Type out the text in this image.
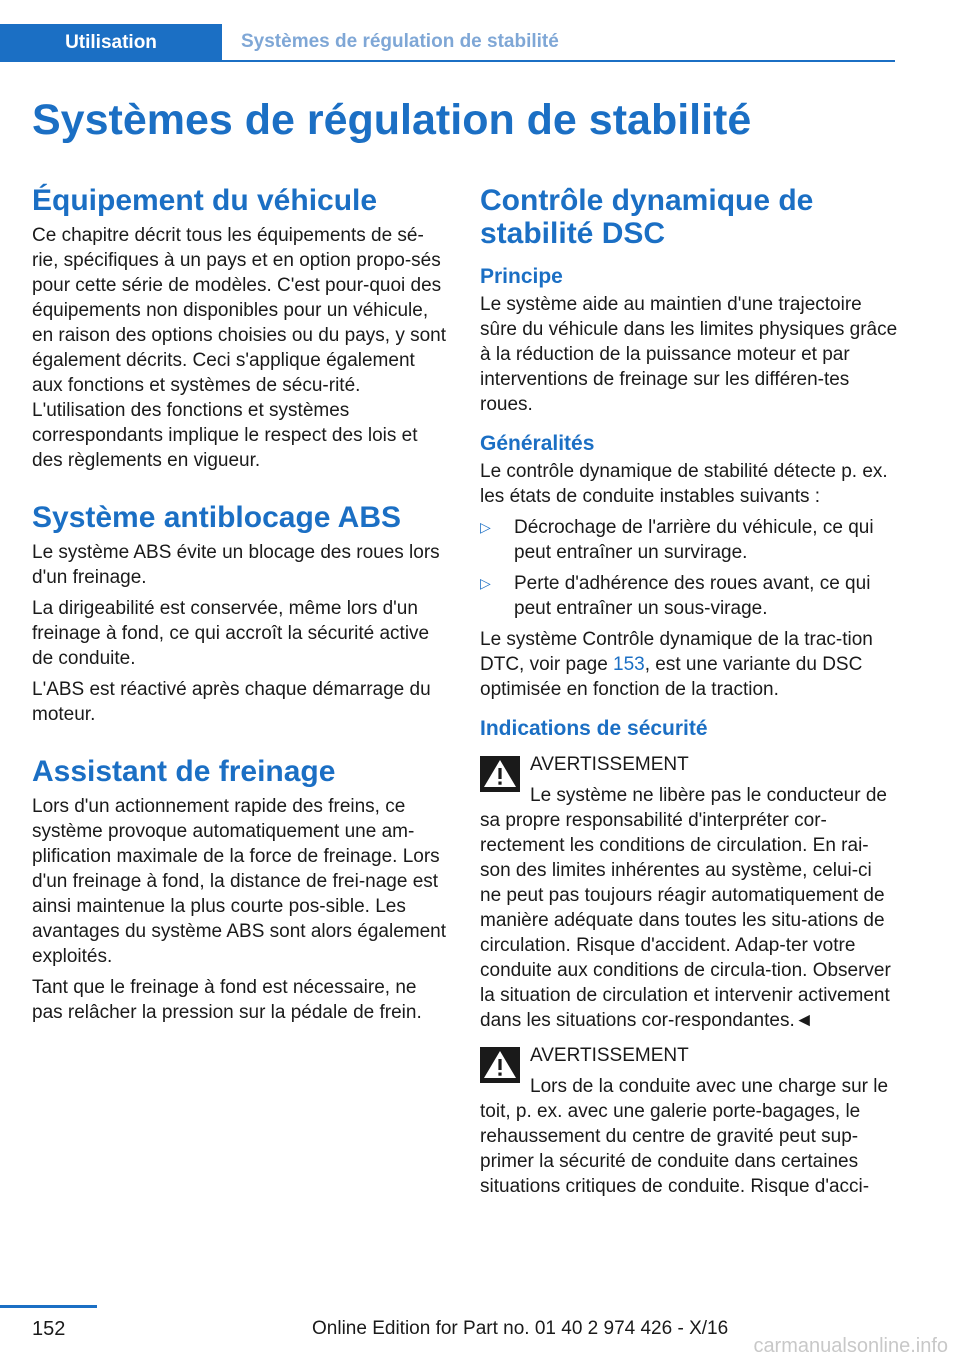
Utilisation	Systèmes de régulation de stabilité
Systèmes de régulation de stabilité
Équipement du véhicule

Ce chapitre décrit tous les équipements de sé‐rie, spécifiques à un pays et en option propo‐sés pour cette série de modèles. C'est pour‐quoi des équipements non disponibles pour un véhicule, en raison des options choisies ou du pays, y sont également décrits. Ceci s'applique également aux fonctions et systèmes de sécu‐rité. L'utilisation des fonctions et systèmes correspondants implique le respect des lois et des règlements en vigueur.

Système antiblocage ABS

Le système ABS évite un blocage des roues lors d'un freinage.

La dirigeabilité est conservée, même lors d'un freinage à fond, ce qui accroît la sécurité active de conduite.

L'ABS est réactivé après chaque démarrage du moteur.

Assistant de freinage

Lors d'un actionnement rapide des freins, ce système provoque automatiquement une am‐plification maximale de la force de freinage. Lors d'un freinage à fond, la distance de frei‐nage est ainsi maintenue la plus courte pos‐sible. Les avantages du système ABS sont alors également exploités.

Tant que le freinage à fond est nécessaire, ne pas relâcher la pression sur la pédale de frein.

Contrôle dynamique de stabilité DSC
Principe

Le système aide au maintien d'une trajectoire sûre du véhicule dans les limites physiques grâce à la réduction de la puissance moteur et par interventions de freinage sur les différen‐tes roues.

Généralités

Le contrôle dynamique de stabilité détecte p. ex. les états de conduite instables suivants :

▷ Décrochage de l'arrière du véhicule, ce qui peut entraîner un survirage.
▷ Perte d'adhérence des roues avant, ce qui peut entraîner un sous-virage.

Le système Contrôle dynamique de la trac‐tion DTC, voir page 153, est une variante du DSC optimisée en fonction de la traction.

Indications de sécurité
AVERTISSEMENT

Le système ne libère pas le conducteur de sa propre responsabilité d'interpréter cor‐rectement les conditions de circulation. En rai‐son des limites inhérentes au système, celui-ci ne peut pas toujours réagir automatiquement de manière adéquate dans toutes les situ‐ations de circulation. Risque d'accident. Adap‐ter votre conduite aux conditions de circula‐tion. Observer la situation de circulation et intervenir activement dans les situations cor‐respondantes.◄

AVERTISSEMENT

Lors de la conduite avec une charge sur le toit, p. ex. avec une galerie porte-bagages, le rehaussement du centre de gravité peut sup‐primer la sécurité de conduite dans certaines situations critiques de conduite. Risque d'acci‐

152	Online Edition for Part no. 01 40 2 974 426 - X/16
carmanualsonline.info
